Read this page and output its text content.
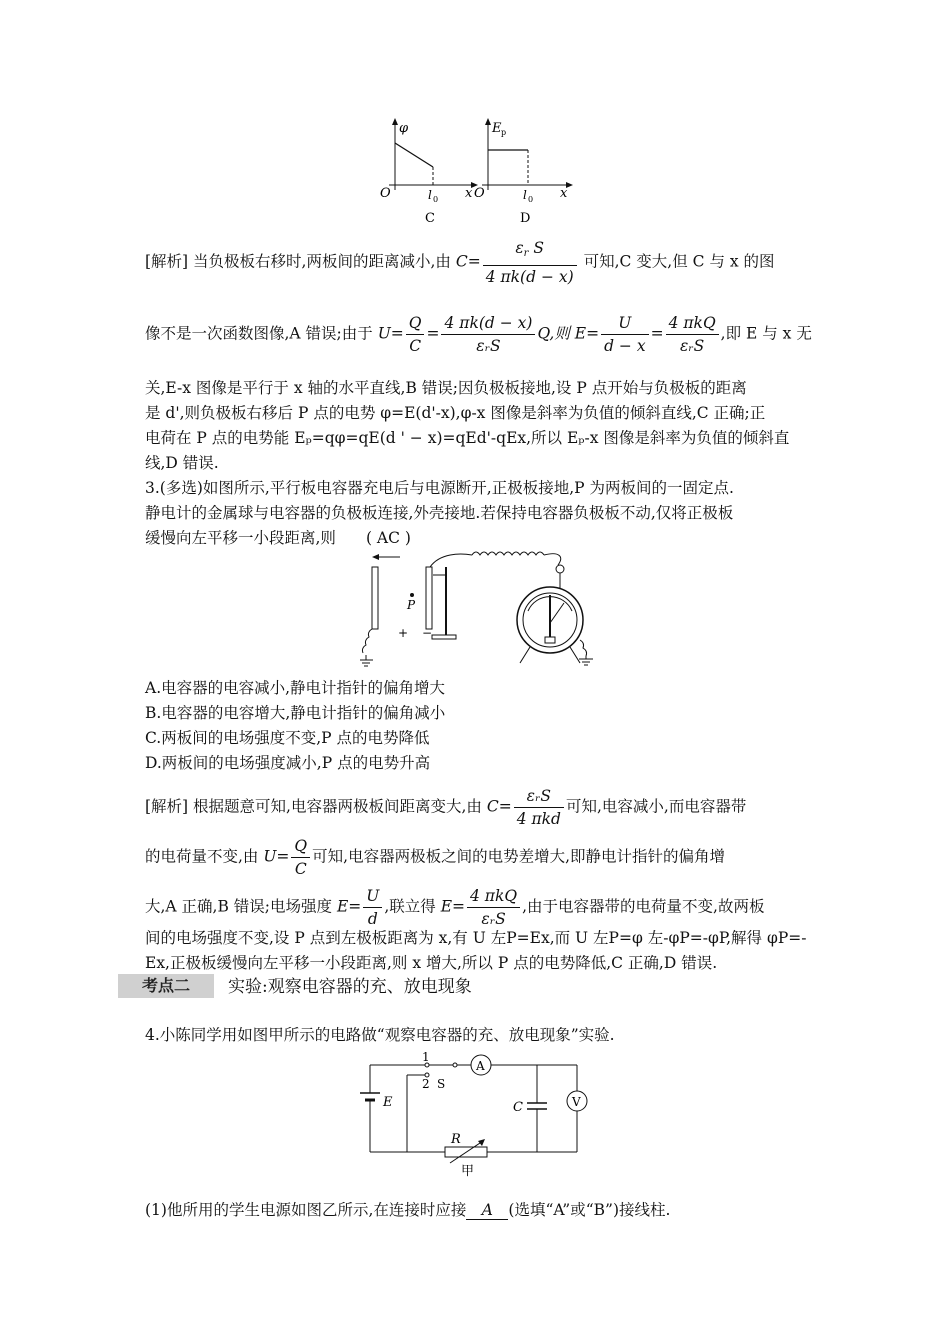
φ
O	l 0 x
C
E p
O	l 0 x
D
[解析] 当负极板右移时,两板间的距离减小,由 $C= \frac{\varepsilon_r S}{4 \pi k(d - x)}$ 可知,C 变大,但 C 与 x 的图
像不是一次函数图像,A 错误;由于 $U= \frac{Q}{C} = \frac{4 \pi k(d - x)}{\text{εᵣS}} Q$,则 $E= \frac{U}{d - x} = \frac{\text{4 πkQ}}{\text{εᵣS}}$ ,即 E 与 x 无
关,E-x 图像是平行于 x 轴的水平直线,B 错误;因负极板接地,设 P 点开始与负极板的距离
是 d',则负极板右移后 P 点的电势 φ=E(d'-x),φ-x 图像是斜率为负值的倾斜直线,C 正确;正
电荷在 P 点的电势能 Eₚ=qφ=qE(d ' − x)=qEd'-qEx,所以 Eₚ-x 图像是斜率为负值的倾斜直
线,D 错误.
3.(多选)如图所示,平行板电容器充电后与电源断开,正极板接地,P 为两板间的一固定点.
静电计的金属球与电容器的负极板连接,外壳接地.若保持电容器负极板不动,仅将正极板
缓慢向左平移一小段距离,则 ( AC )
P
+ −
A.电容器的电容减小,静电计指针的偏角增大
B.电容器的电容增大,静电计指针的偏角减小
C.两板间的电场强度不变,P 点的电势降低
D.两板间的电场强度减小,P 点的电势升高
[解析] 根据题意可知,电容器两极板间距离变大,由 $C= \frac{\text{εᵣS}}{\text{4 πkd}}$ 可知,电容减小,而电容器带
的电荷量不变,由 $U= \frac{Q}{C}$ 可知,电容器两极板之间的电势差增大,即静电计指针的偏角增
大,A 正确,B 错误;电场强度 $E= \frac{U}{d}$ ,联立得 $E= \frac{\text{4 πkQ}}{\text{εᵣS}}$ ,由于电容器带的电荷量不变,故两板
间的电场强度不变,设 P 点到左极板距离为 x,有 U 左P=Ex,而 U 左P=φ 左-φP=-φP,解得 φP=-
Ex,正极板缓慢向左平移一小段距离,则 x 增大,所以 P 点的电势降低,C 正确,D 错误.
考点二	实验:观察电容器的充、放电现象
4.小陈同学用如图甲所示的电路做“观察电容器的充、放电现象”实验.
E
1
2 S
A
C	V
R
甲
(1)他所用的学生电源如图乙所示,在连接时应接 A (选填“A”或“B”)接线柱.
